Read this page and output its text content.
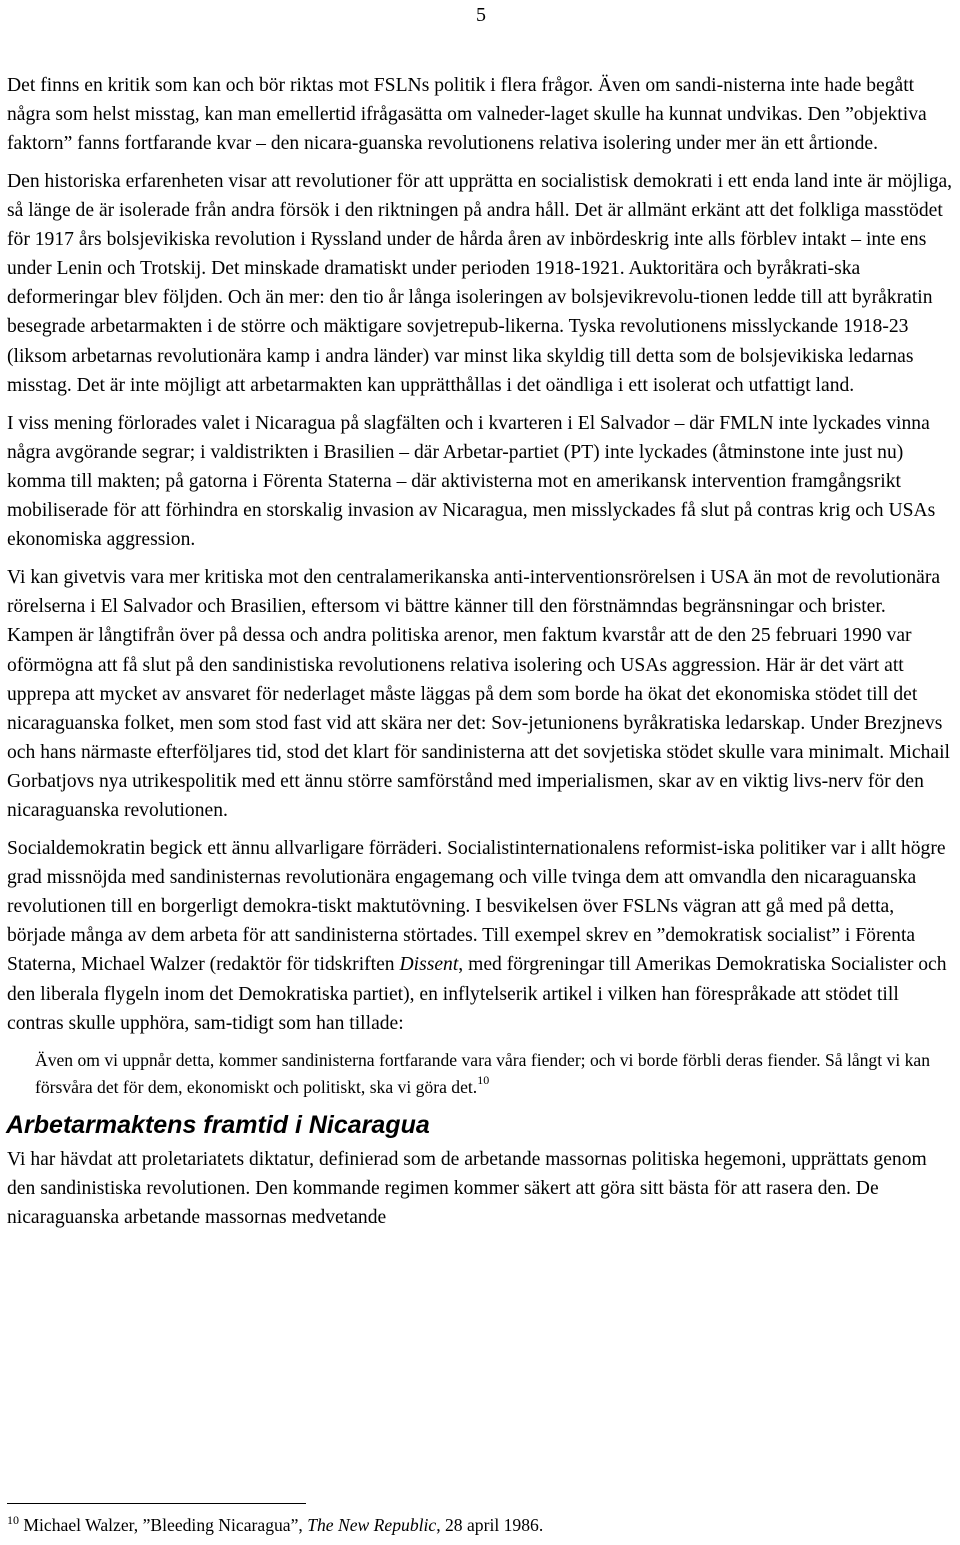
5

Det finns en kritik som kan och bör riktas mot FSLNs politik i flera frågor. Även om sandi-nisterna inte hade begått några som helst misstag, kan man emellertid ifrågasätta om valneder-laget skulle ha kunnat undvikas. Den ”objektiva faktorn” fanns fortfarande kvar – den nicara-guanska revolutionens relativa isolering under mer än ett årtionde.

Den historiska erfarenheten visar att revolutioner för att upprätta en socialistisk demokrati i ett enda land inte är möjliga, så länge de är isolerade från andra försök i den riktningen på andra håll. Det är allmänt erkänt att det folkliga masstödet för 1917 års bolsjevikiska revolution i Ryssland under de hårda åren av inbördeskrig inte alls förblev intakt – inte ens under Lenin och Trotskij. Det minskade dramatiskt under perioden 1918-1921. Auktoritära och byråkrati-ska deformeringar blev följden. Och än mer: den tio år långa isoleringen av bolsjevikrevolu-tionen ledde till att byråkratin besegrade arbetarmakten i de större och mäktigare sovjetrepub-likerna. Tyska revolutionens misslyckande 1918-23 (liksom arbetarnas revolutionära kamp i andra länder) var minst lika skyldig till detta som de bolsjevikiska ledarnas misstag. Det är inte möjligt att arbetarmakten kan upprätthållas i det oändliga i ett isolerat och utfattigt land.

I viss mening förlorades valet i Nicaragua på slagfälten och i kvarteren i El Salvador – där FMLN inte lyckades vinna några avgörande segrar; i valdistrikten i Brasilien – där Arbetar-partiet (PT) inte lyckades (åtminstone inte just nu) komma till makten; på gatorna i Förenta Staterna – där aktivisterna mot en amerikansk intervention framgångsrikt mobiliserade för att förhindra en storskalig invasion av Nicaragua, men misslyckades få slut på contras krig och USAs ekonomiska aggression.

Vi kan givetvis vara mer kritiska mot den centralamerikanska anti-interventionsrörelsen i USA än mot de revolutionära rörelserna i El Salvador och Brasilien, eftersom vi bättre känner till den förstnämndas begränsningar och brister. Kampen är långtifrån över på dessa och andra politiska arenor, men faktum kvarstår att de den 25 februari 1990 var oförmögna att få slut på den sandinistiska revolutionens relativa isolering och USAs aggression. Här är det värt att upprepa att mycket av ansvaret för nederlaget måste läggas på dem som borde ha ökat det ekonomiska stödet till det nicaraguanska folket, men som stod fast vid att skära ner det: Sov-jetunionens byråkratiska ledarskap. Under Brezjnevs och hans närmaste efterföljares tid, stod det klart för sandinisterna att det sovjetiska stödet skulle vara minimalt. Michail Gorbatjovs nya utrikespolitik med ett ännu större samförstånd med imperialismen, skar av en viktig livs-nerv för den nicaraguanska revolutionen.

Socialdemokratin begick ett ännu allvarligare förräderi. Socialistinternationalens reformist-iska politiker var i allt högre grad missnöjda med sandinisternas revolutionära engagemang och ville tvinga dem att omvandla den nicaraguanska revolutionen till en borgerligt demokra-tiskt maktutövning. I besvikelsen över FSLNs vägran att gå med på detta, började många av dem arbeta för att sandinisterna störtades. Till exempel skrev en ”demokratisk socialist” i Förenta Staterna, Michael Walzer (redaktör för tidskriften Dissent, med förgreningar till Amerikas Demokratiska Socialister och den liberala flygeln inom det Demokratiska partiet), en inflytelserik artikel i vilken han förespråkade att stödet till contras skulle upphöra, sam-tidigt som han tillade:

Även om vi uppnår detta, kommer sandinisterna fortfarande vara våra fiender; och vi borde förbli deras fiender. Så långt vi kan försvåra det för dem, ekonomiskt och politiskt, ska vi göra det.$^{10}$
Arbetarmaktens framtid i Nicaragua

Vi har hävdat att proletariatets diktatur, definierad som de arbetande massornas politiska hegemoni, upprättats genom den sandinistiska revolutionen. Den kommande regimen kommer säkert att göra sitt bästa för att rasera den. De nicaraguanska arbetande massornas medvetande

$^{10}$ Michael Walzer, ”Bleeding Nicaragua”, The New Republic, 28 april 1986.
